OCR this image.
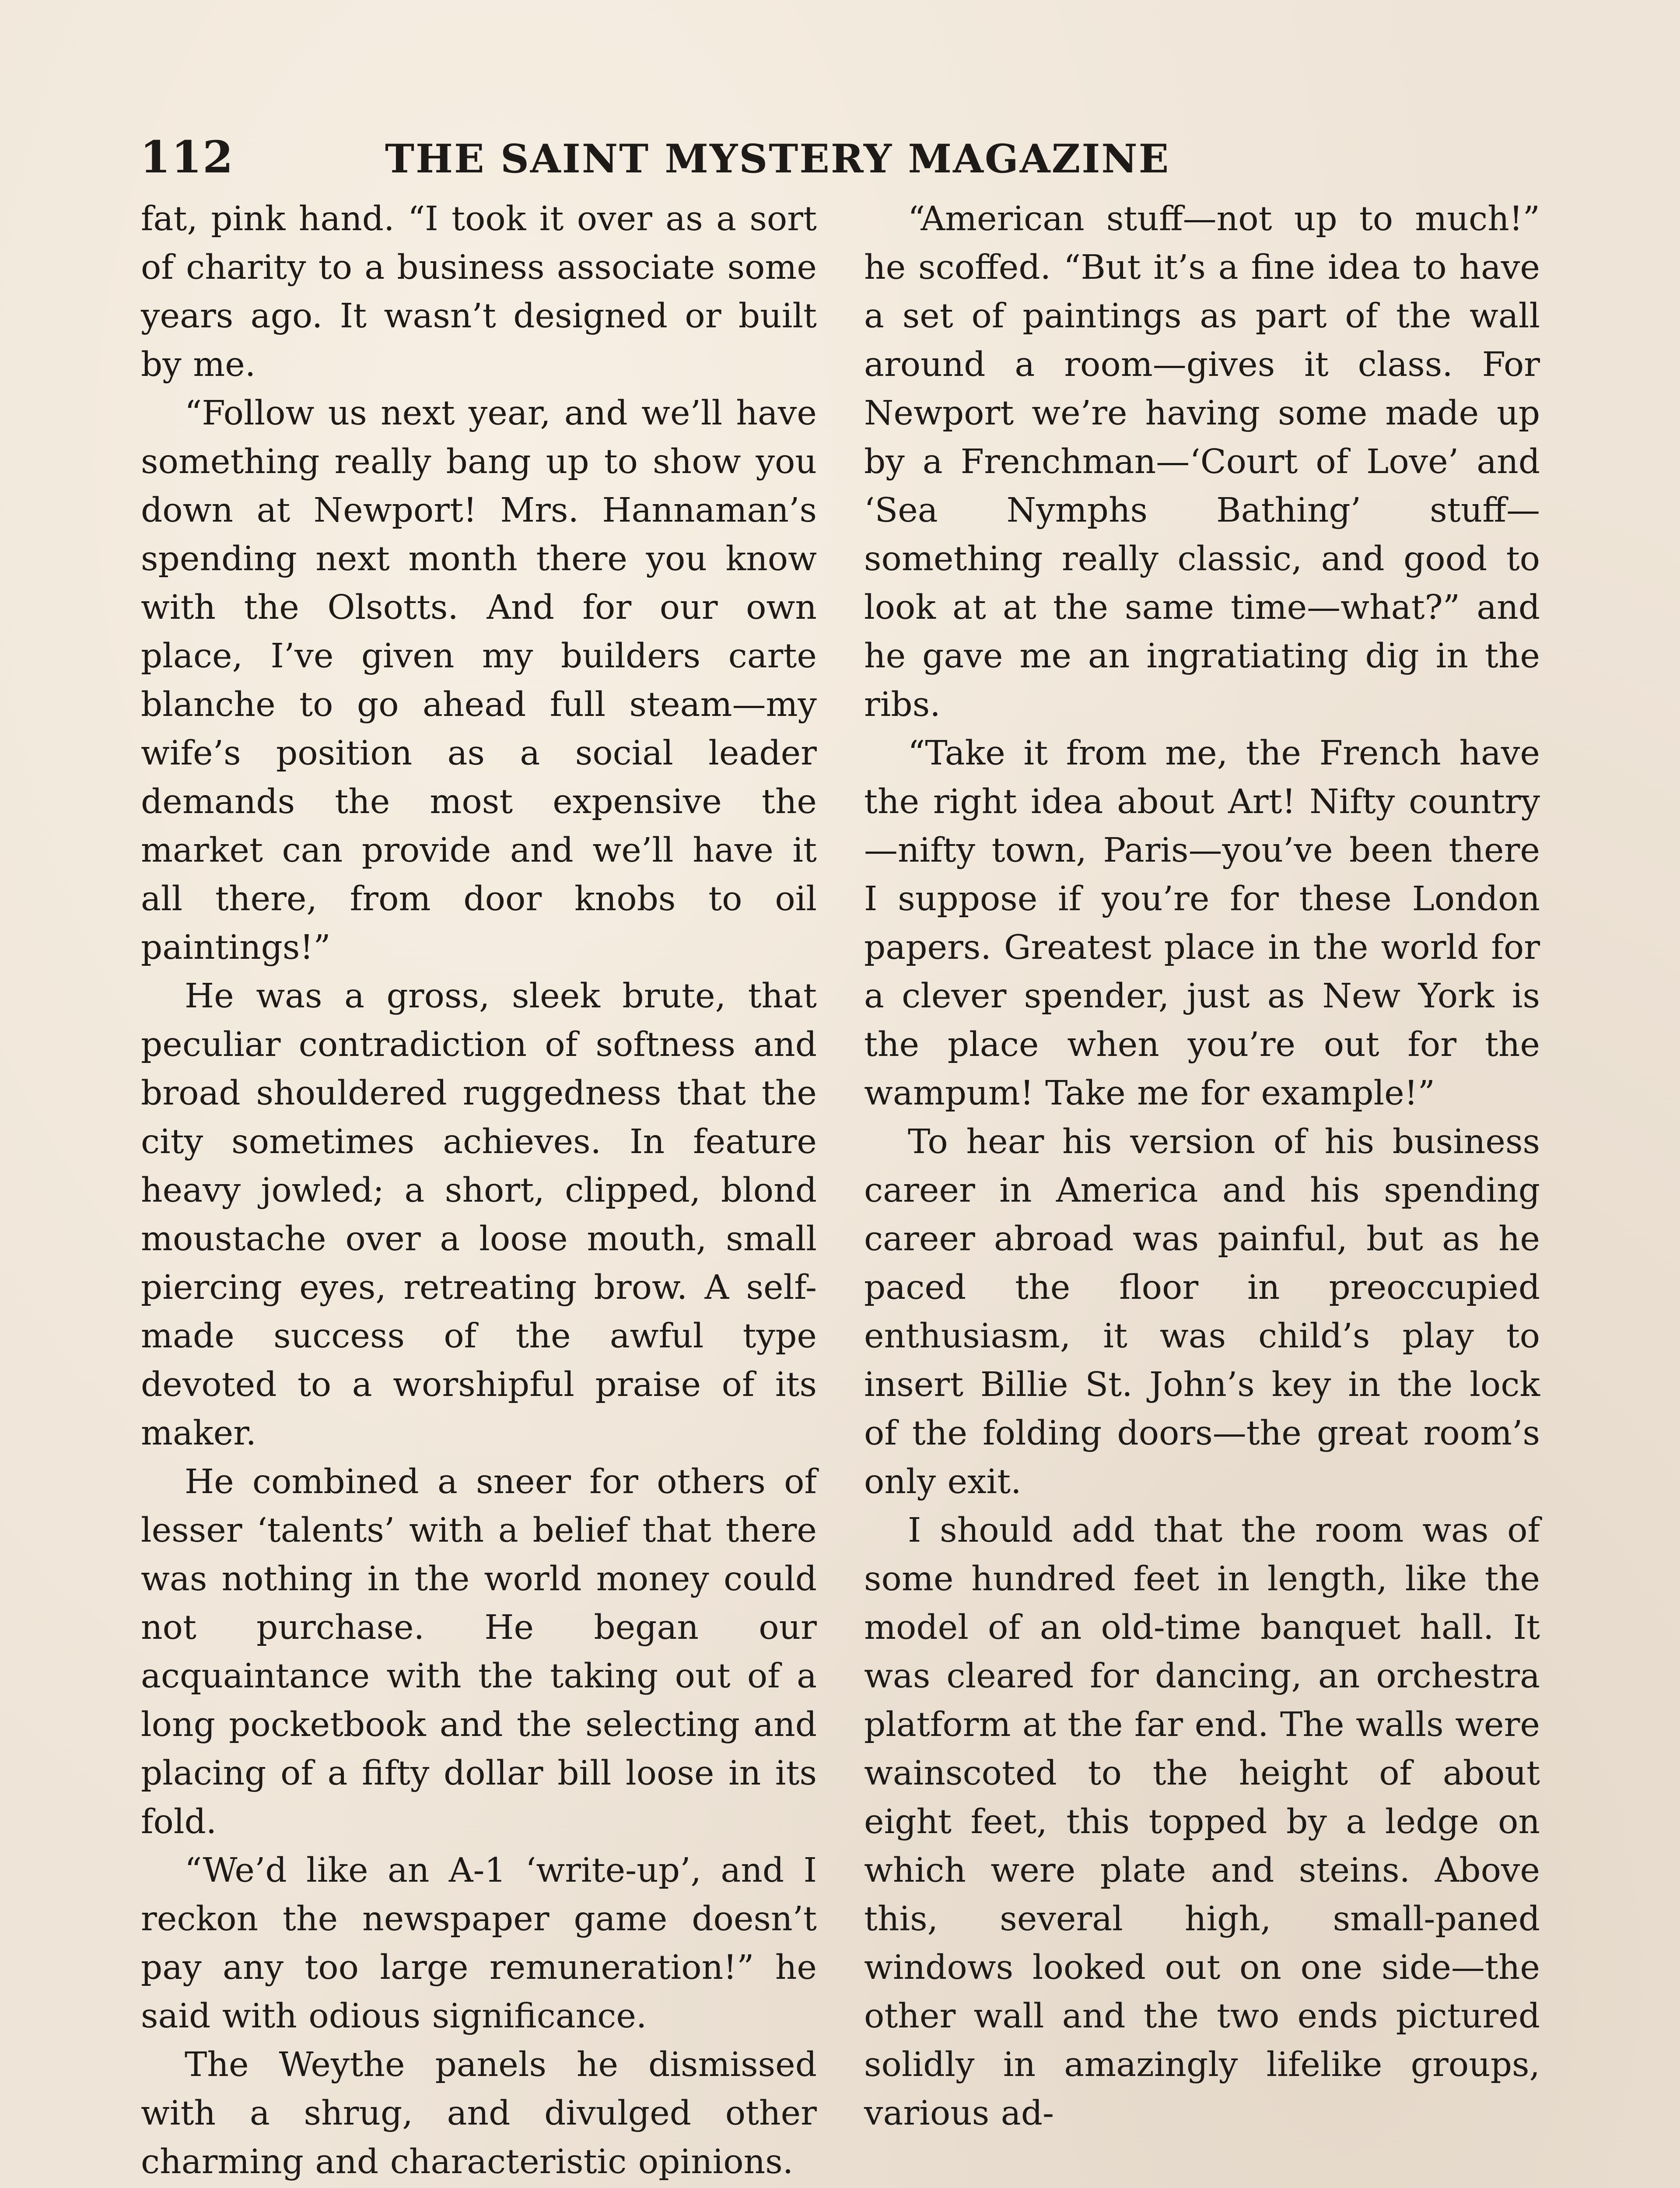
112	THE SAINT MYSTERY MAGAZINE

fat, pink hand. “I took it over as a sort of charity to a business associate some years ago. It wasn’t designed or built by me.

“Follow us next year, and we’ll have something really bang up to show you down at Newport! Mrs. Hannaman’s spending next month there you know with the Olsotts. And for our own place, I’ve given my builders carte blanche to go ahead full steam—my wife’s position as a social leader demands the most expensive the market can provide and we’ll have it all there, from door knobs to oil paintings!”

He was a gross, sleek brute, that peculiar contradiction of softness and broad shouldered ruggedness that the city sometimes achieves. In feature heavy jowled; a short, clipped, blond moustache over a loose mouth, small piercing eyes, retreating brow. A self-made success of the awful type devoted to a worshipful praise of its maker.

He combined a sneer for others of lesser ‘talents’ with a belief that there was nothing in the world money could not purchase. He began our acquaintance with the taking out of a long pocketbook and the selecting and placing of a fifty dollar bill loose in its fold.

“We’d like an A-1 ‘write-up’, and I reckon the newspaper game doesn’t pay any too large remuneration!” he said with odious significance.

The Weythe panels he dismissed with a shrug, and divulged other charming and characteristic opinions.

“American stuff—not up to much!” he scoffed. “But it’s a fine idea to have a set of paintings as part of the wall around a room—gives it class. For Newport we’re having some made up by a Frenchman—‘Court of Love’ and ‘Sea Nymphs Bathing’ stuff—something really classic, and good to look at at the same time—what?” and he gave me an ingratiating dig in the ribs.

“Take it from me, the French have the right idea about Art! Nifty country—nifty town, Paris—you’ve been there I suppose if you’re for these London papers. Greatest place in the world for a clever spender, just as New York is the place when you’re out for the wampum! Take me for example!”

To hear his version of his business career in America and his spending career abroad was painful, but as he paced the floor in preoccupied enthusiasm, it was child’s play to insert Billie St. John’s key in the lock of the folding doors—the great room’s only exit.

I should add that the room was of some hundred feet in length, like the model of an old-time banquet hall. It was cleared for dancing, an orchestra platform at the far end. The walls were wainscoted to the height of about eight feet, this topped by a ledge on which were plate and steins. Above this, several high, small-paned windows looked out on one side—the other wall and the two ends pictured solidly in amazingly lifelike groups, various ad-
